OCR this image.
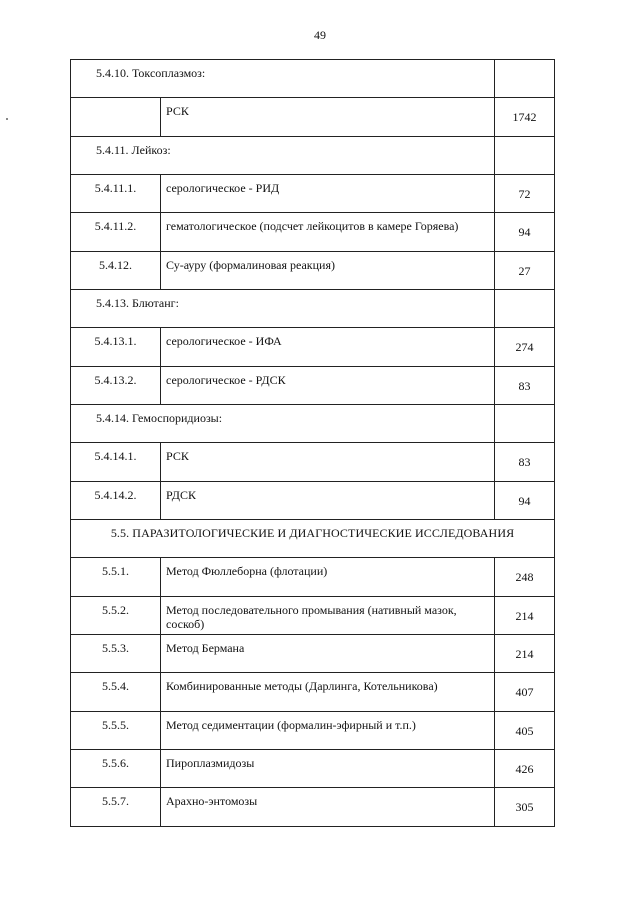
49
5.4.10. Токсоплазмоз:		
	РСК	1742
5.4.11. Лейкоз:		
5.4.11.1.	серологическое - РИД	72
5.4.11.2.	гематологическое (подсчет лейкоцитов в камере Горяева)	94
5.4.12.	Су-ауру (формалиновая реакция)	27
5.4.13. Блютанг:		
5.4.13.1.	серологическое - ИФА	274
5.4.13.2.	серологическое - РДСК	83
5.4.14. Гемоспоридиозы:		
5.4.14.1.	РСК	83
5.4.14.2.	РДСК	94
5.5. ПАРАЗИТОЛОГИЧЕСКИЕ И ДИАГНОСТИЧЕСКИЕ ИССЛЕДОВАНИЯ		
5.5.1.	Метод Фюллеборна (флотации)	248
5.5.2.	Метод последовательного промывания (нативный мазок, соскоб)	214
5.5.3.	Метод Бермана	214
5.5.4.	Комбинированные методы (Дарлинга, Котельникова)	407
5.5.5.	Метод седиментации (формалин-эфирный и т.п.)	405
5.5.6.	Пироплазмидозы	426
5.5.7.	Арахно-энтомозы	305
